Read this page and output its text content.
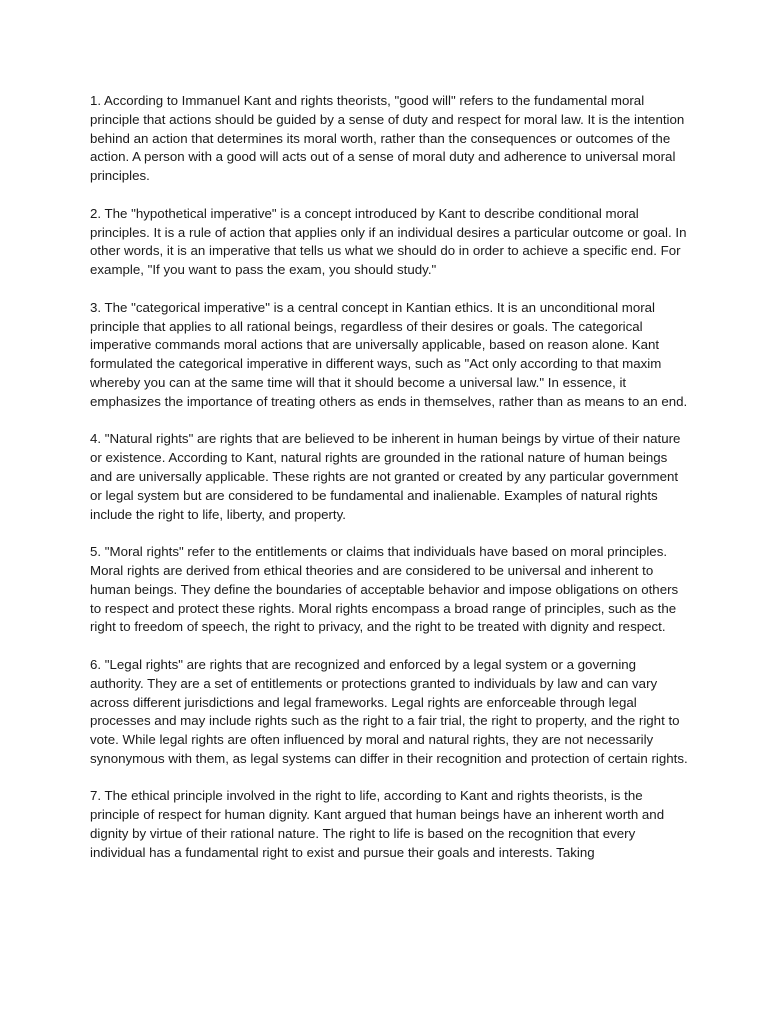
1. According to Immanuel Kant and rights theorists, "good will" refers to the fundamental moral principle that actions should be guided by a sense of duty and respect for moral law. It is the intention behind an action that determines its moral worth, rather than the consequences or outcomes of the action. A person with a good will acts out of a sense of moral duty and adherence to universal moral principles.

2. The "hypothetical imperative" is a concept introduced by Kant to describe conditional moral principles. It is a rule of action that applies only if an individual desires a particular outcome or goal. In other words, it is an imperative that tells us what we should do in order to achieve a specific end. For example, "If you want to pass the exam, you should study."

3. The "categorical imperative" is a central concept in Kantian ethics. It is an unconditional moral principle that applies to all rational beings, regardless of their desires or goals. The categorical imperative commands moral actions that are universally applicable, based on reason alone. Kant formulated the categorical imperative in different ways, such as "Act only according to that maxim whereby you can at the same time will that it should become a universal law." In essence, it emphasizes the importance of treating others as ends in themselves, rather than as means to an end.

4. "Natural rights" are rights that are believed to be inherent in human beings by virtue of their nature or existence. According to Kant, natural rights are grounded in the rational nature of human beings and are universally applicable. These rights are not granted or created by any particular government or legal system but are considered to be fundamental and inalienable. Examples of natural rights include the right to life, liberty, and property.

5. "Moral rights" refer to the entitlements or claims that individuals have based on moral principles. Moral rights are derived from ethical theories and are considered to be universal and inherent to human beings. They define the boundaries of acceptable behavior and impose obligations on others to respect and protect these rights. Moral rights encompass a broad range of principles, such as the right to freedom of speech, the right to privacy, and the right to be treated with dignity and respect.

6. "Legal rights" are rights that are recognized and enforced by a legal system or a governing authority. They are a set of entitlements or protections granted to individuals by law and can vary across different jurisdictions and legal frameworks. Legal rights are enforceable through legal processes and may include rights such as the right to a fair trial, the right to property, and the right to vote. While legal rights are often influenced by moral and natural rights, they are not necessarily synonymous with them, as legal systems can differ in their recognition and protection of certain rights.

7. The ethical principle involved in the right to life, according to Kant and rights theorists, is the principle of respect for human dignity. Kant argued that human beings have an inherent worth and dignity by virtue of their rational nature. The right to life is based on the recognition that every individual has a fundamental right to exist and pursue their goals and interests. Taking
